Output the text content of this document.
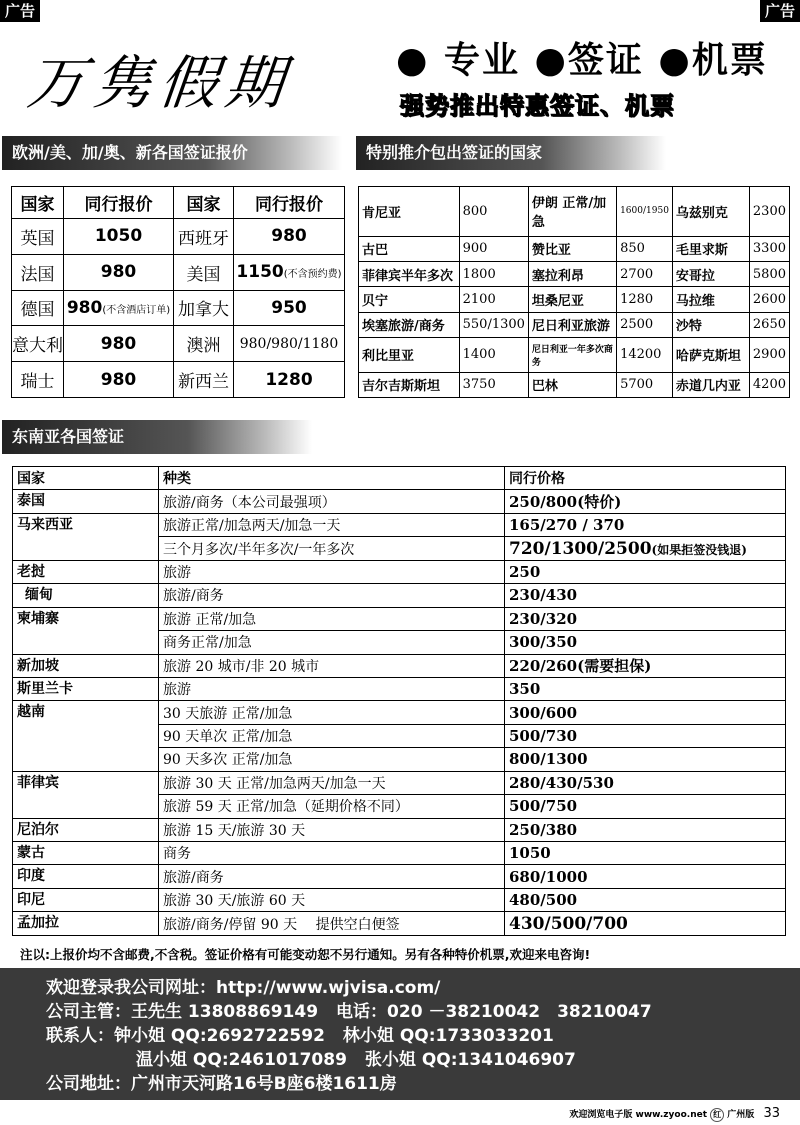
广告	广告
万隽假期	● 专业 ●签证 ●机票
强势推出特惠签证、机票
欧洲/美、加/奥、新各国签证报价	特别推介包出签证的国家
国家	同行报价	国家	同行报价
英国	1050	西班牙	980
法国	980	美国	1150(不含预约费)
德国	980(不含酒店订单)	加拿大	950
意大利	980	澳洲	980/980/1180
瑞士	980	新西兰	1280
肯尼亚	800	伊朗 正常/加急	1600/1950	乌兹别克	2300
古巴	900	赞比亚	850	毛里求斯	3300
菲律宾半年多次	1800	塞拉利昂	2700	安哥拉	5800
贝宁	2100	坦桑尼亚	1280	马拉维	2600
埃塞旅游/商务	550/1300	尼日利亚旅游	2500	沙特	2650
利比里亚	1400	尼日利亚一年多次商务	14200	哈萨克斯坦	2900
吉尔吉斯斯坦	3750	巴林	5700	赤道几内亚	4200
东南亚各国签证
国家	种类	同行价格
泰国	旅游/商务（本公司最强项）	250/800(特价)
马来西亚	旅游正常/加急两天/加急一天	165/270 / 370
	三个月多次/半年多次/一年多次	720/1300/2500(如果拒签没钱退)
老挝	旅游	250
缅甸	旅游/商务	230/430
柬埔寨	旅游 正常/加急	230/320
	商务正常/加急	300/350
新加坡	旅游 20 城市/非 20 城市	220/260(需要担保)
斯里兰卡	旅游	350
越南	30 天旅游 正常/加急	300/600
	90 天单次 正常/加急	500/730
	90 天多次 正常/加急	800/1300
菲律宾	旅游 30 天 正常/加急两天/加急一天	280/430/530
	旅游 59 天 正常/加急（延期价格不同）	500/750
尼泊尔	旅游 15 天/旅游 30 天	250/380
蒙古	商务	1050
印度	旅游/商务	680/1000
印尼	旅游 30 天/旅游 60 天	480/500
孟加拉	旅游/商务/停留 90 天　 提供空白便签	430/500/700
注以:上报价均不含邮费,不含税。签证价格有可能变动恕不另行通知。另有各种特价机票,欢迎来电咨询!
欢迎登录我公司网址：http://www.wjvisa.com/
公司主管：王先生 13808869149 电话：020 －38210042　38210047
联系人：钟小姐 QQ:2692722592 林小姐 QQ:1733033201
温小姐 QQ:2461017089 张小姐 QQ:1341046907
公司地址：广州市天河路16号B座6楼1611房
欢迎浏览电子版 www.zyoo.net 红 广州版 33
